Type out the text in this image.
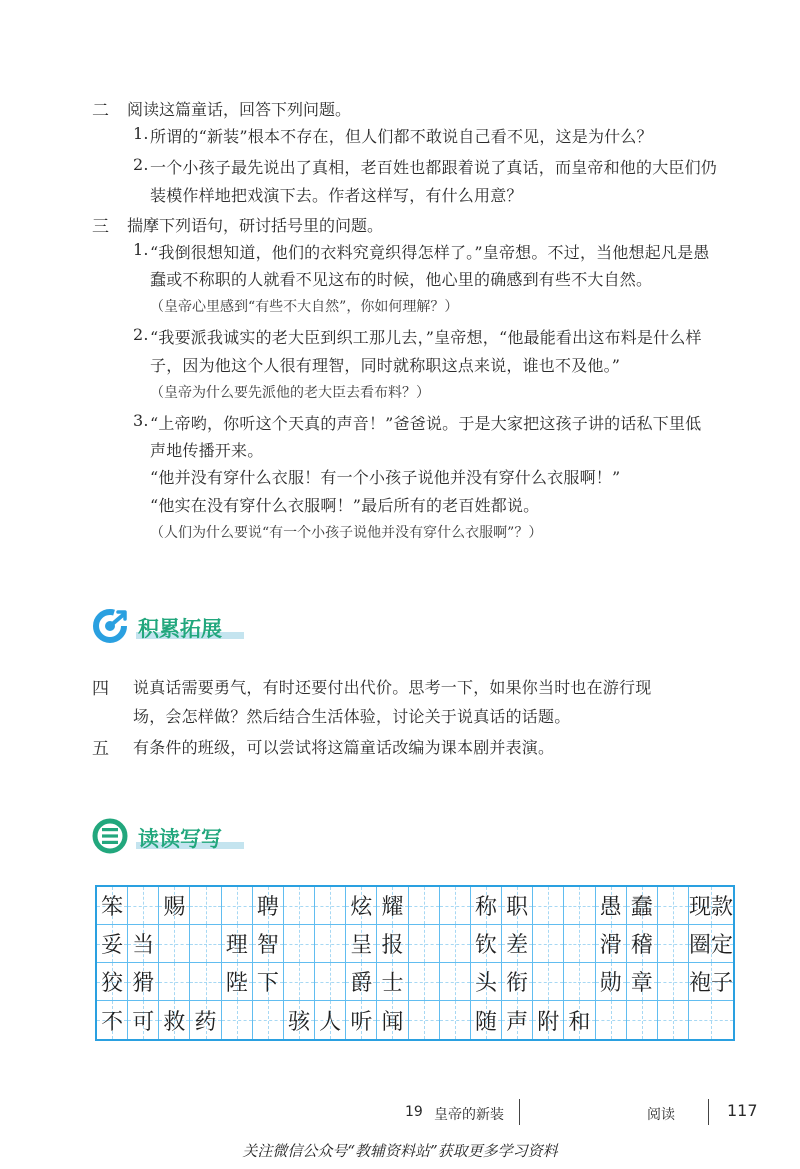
二 阅读这篇童话，回答下列问题。
1. 所谓的“新装”根本不存在，但人们都不敢说自己看不见，这是为什么？
2. 一个小孩子最先说出了真相，老百姓也都跟着说了真话，而皇帝和他的大臣们仍
装模作样地把戏演下去。作者这样写，有什么用意？
三 揣摩下列语句，研讨括号里的问题。
1. “我倒很想知道，他们的衣料究竟织得怎样了。”皇帝想。不过，当他想起凡是愚
蠢或不称职的人就看不见这布的时候，他心里的确感到有些不大自然。
（皇帝心里感到“有些不大自然”，你如何理解？）
2. “我要派我诚实的老大臣到织工那儿去，”皇帝想，“他最能看出这布料是什么样
子，因为他这个人很有理智，同时就称职这点来说，谁也不及他。”
（皇帝为什么要先派他的老大臣去看布料？）
3. “上帝哟，你听这个天真的声音！”爸爸说。于是大家把这孩子讲的话私下里低
声地传播开来。
“他并没有穿什么衣服！有一个小孩子说他并没有穿什么衣服啊！”
“他实在没有穿什么衣服啊！”最后所有的老百姓都说。
（人们为什么要说“有一个小孩子说他并没有穿什么衣服啊”？）
积累拓展
四 说真话需要勇气，有时还要付出代价。思考一下，如果你当时也在游行现
场，会怎样做？然后结合生活体验，讨论关于说真话的话题。
五 有条件的班级，可以尝试将这篇童话改编为课本剧并表演。
读读写写
笨 赐	聘	炫 耀	称 职	愚 蠢 现 款
妥 当	理 智	呈 报	钦 差	滑 稽 圈 定
狡 猾	陛 下	爵 士	头 衔	勋 章 袍 子
不 可 救 药	骇 人 听 闻	随 声 附 和
19 皇帝的新装	阅读	117
关注微信公众号“教辅资料站”获取更多学习资料
